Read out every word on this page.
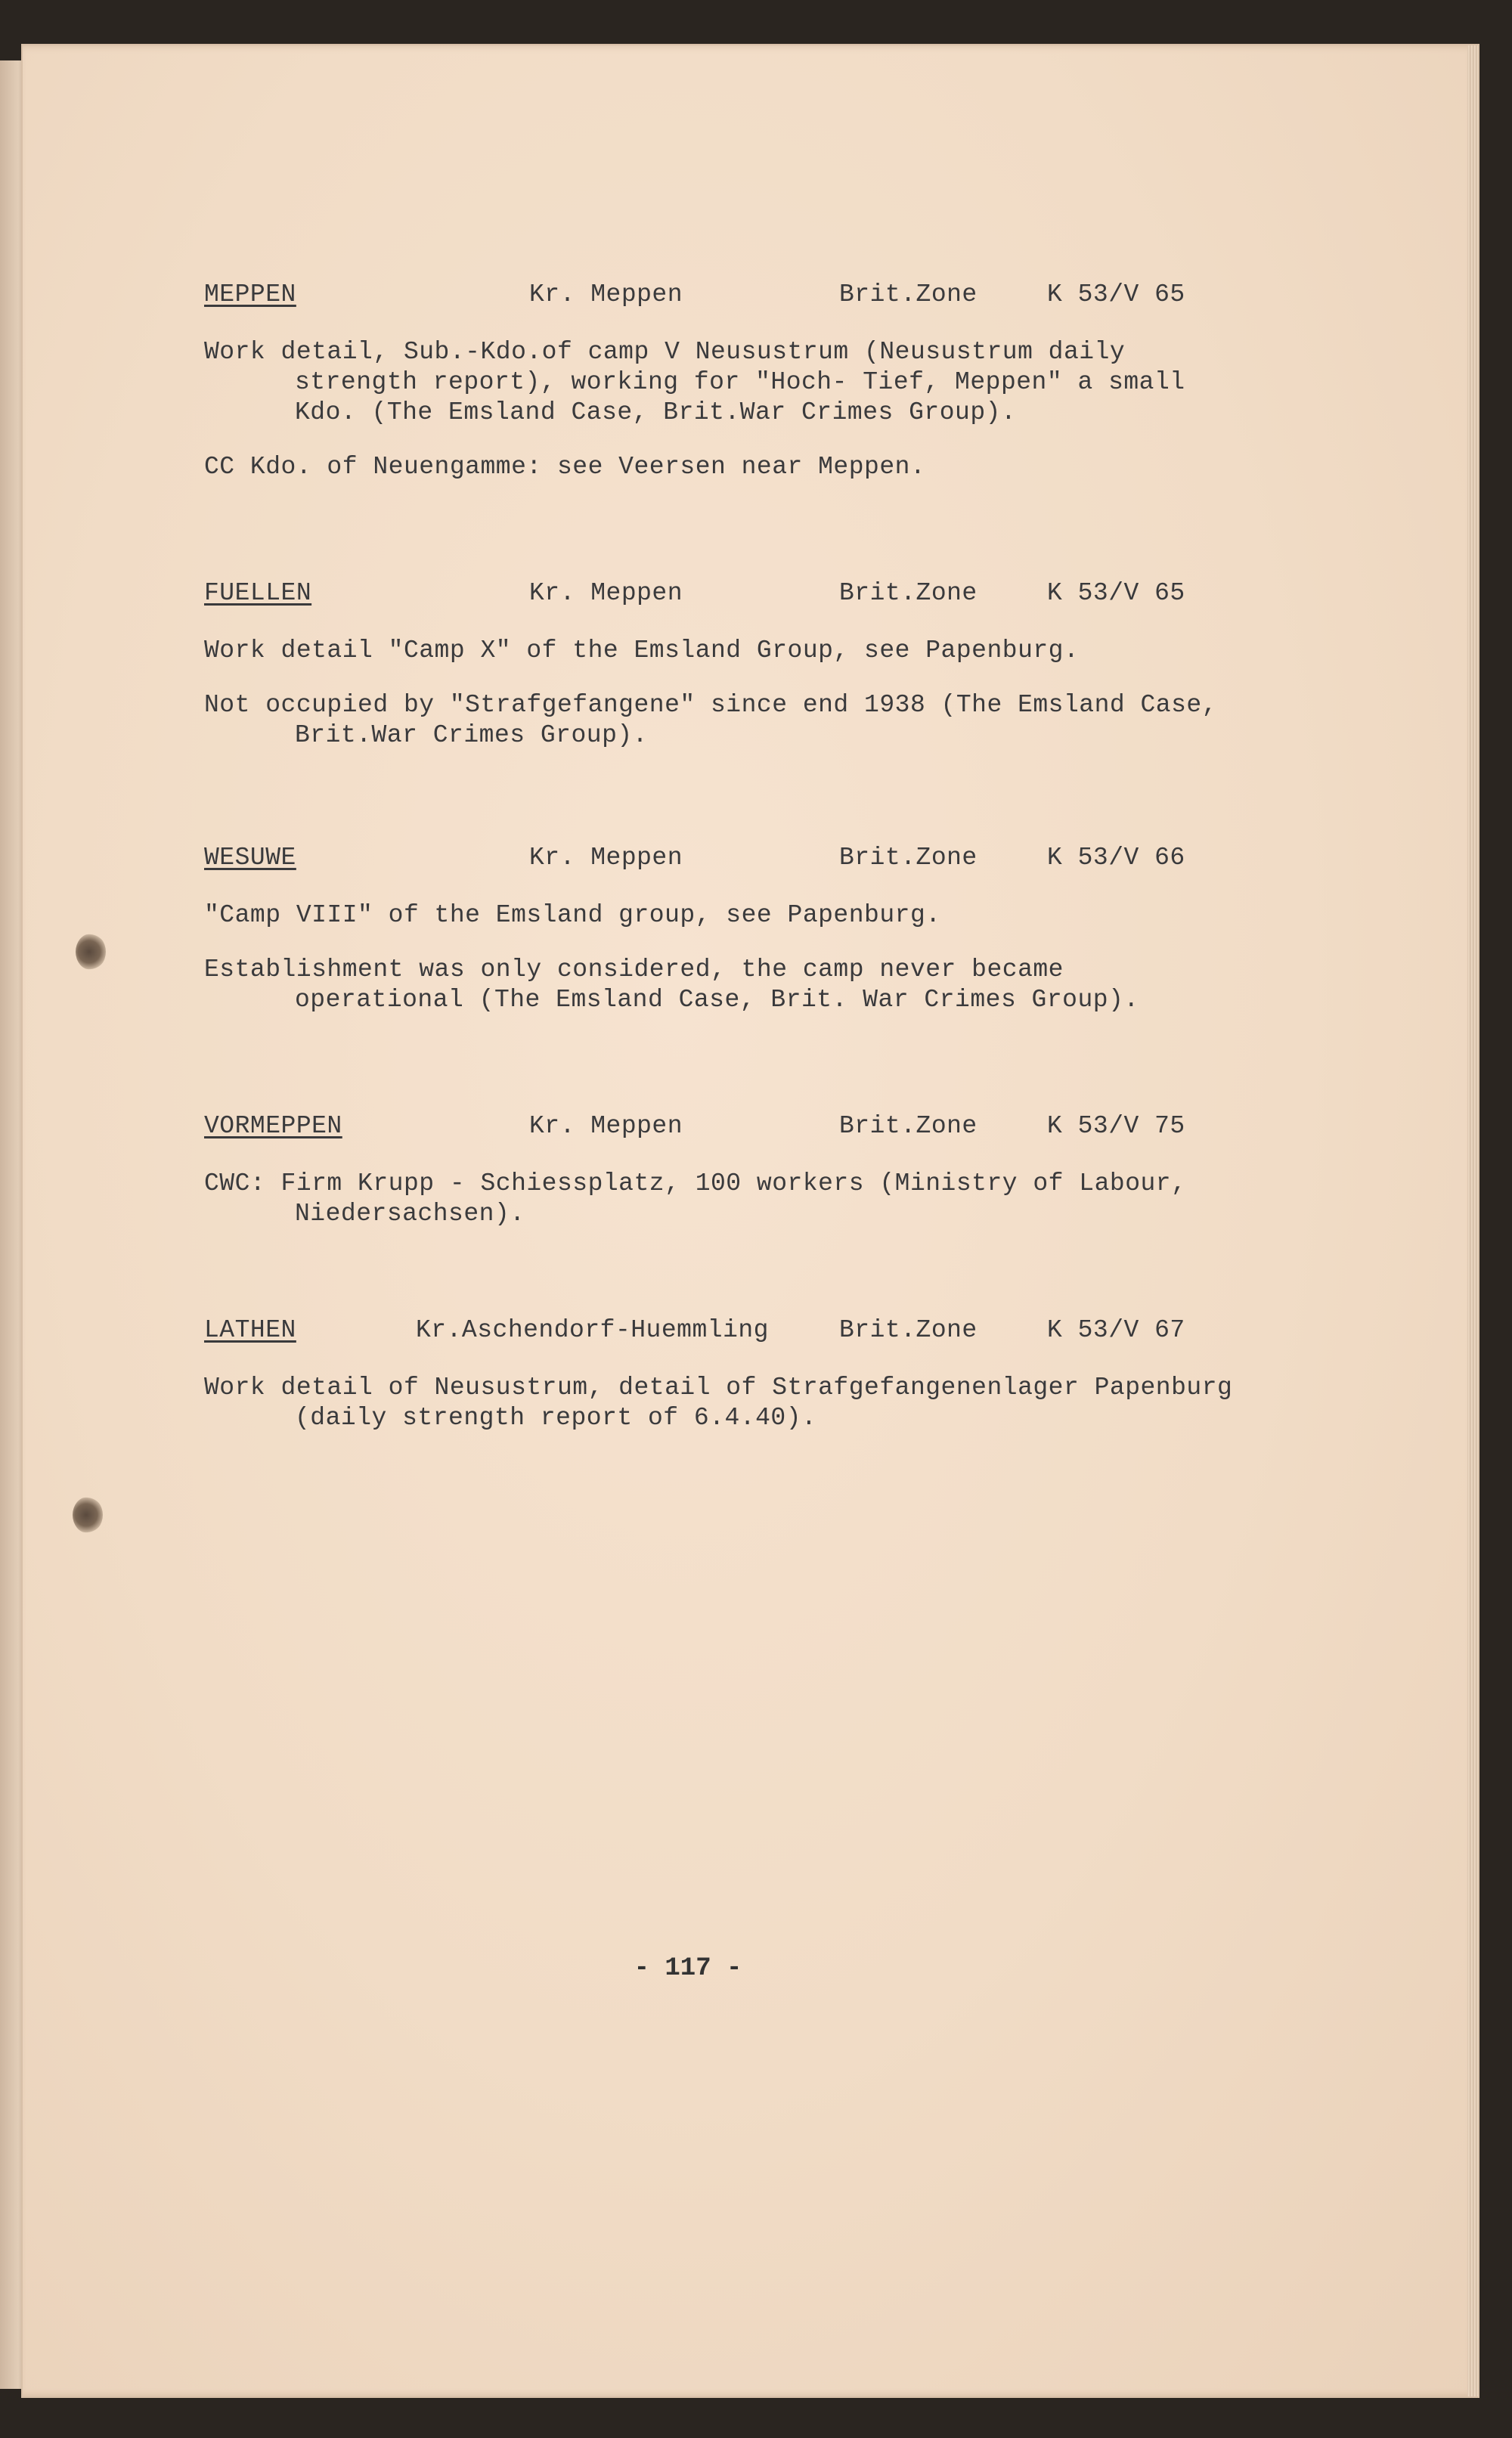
MEPPEN	Kr. Meppen	Brit.Zone	K 53/V 65
Work detail, Sub.-Kdo.of camp V Neusustrum (Neusustrum daily strength report), working for "Hoch- Tief, Meppen" a small Kdo. (The Emsland Case, Brit.War Crimes Group).
CC Kdo. of Neuengamme: see Veersen near Meppen.
FUELLEN	Kr. Meppen	Brit.Zone	K 53/V 65
Work detail "Camp X" of the Emsland Group, see Papenburg.
Not occupied by "Strafgefangene" since end 1938 (The Emsland Case, Brit.War Crimes Group).
WESUWE	Kr. Meppen	Brit.Zone	K 53/V 66
"Camp VIII" of the Emsland group, see Papenburg.
Establishment was only considered, the camp never became operational (The Emsland Case, Brit. War Crimes Group).
VORMEPPEN	Kr. Meppen	Brit.Zone	K 53/V 75
CWC: Firm Krupp - Schiessplatz, 100 workers (Ministry of Labour, Niedersachsen).
LATHEN	Kr.Aschendorf-Huemmling	Brit.Zone	K 53/V 67
Work detail of Neusustrum, detail of Strafgefangenenlager Papenburg (daily strength report of 6.4.40).
- 117 -
